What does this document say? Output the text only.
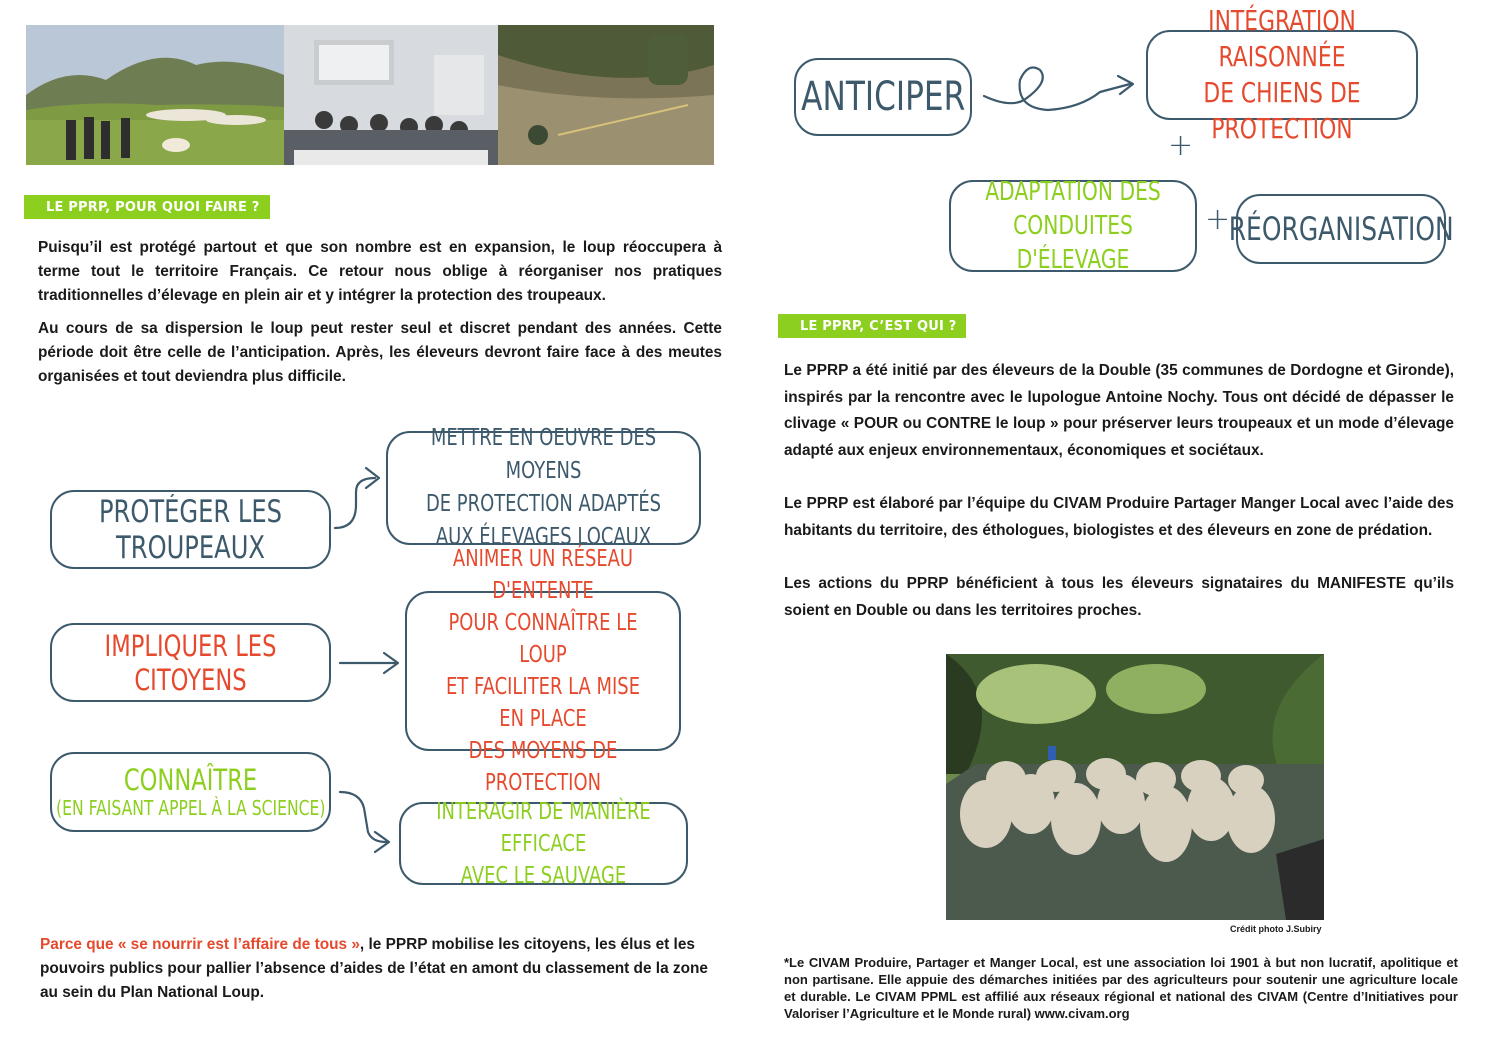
LE PPRP, POUR QUOI FAIRE ?

Puisqu’il est protégé partout et que son nombre est en expansion, le loup réoccupera à terme tout le territoire Français. Ce retour nous oblige à réorganiser nos pratiques traditionnelles d’élevage en plein air et y intégrer la protection des troupeaux.

Au cours de sa dispersion le loup peut rester seul et discret pendant des années. Cette période doit être celle de l’anticipation. Après, les éleveurs devront faire face à des meutes organisées et tout deviendra plus difficile.

PROTÉGER LES TROUPEAUX
METTRE EN OEUVRE DES MOYENS
DE PROTECTION ADAPTÉS
AUX ÉLEVAGES LOCAUX
IMPLIQUER LES CITOYENS
ANIMER UN RÉSEAU D'ENTENTE
POUR CONNAÎTRE LE LOUP
ET FACILITER LA MISE EN PLACE
DES MOYENS DE PROTECTION
CONNAÎTRE
(EN FAISANT APPEL À LA SCIENCE)	INTERAGIR DE MANIÈRE EFFICACE
AVEC LE SAUVAGE
Parce que « se nourrir est l’affaire de tous », le PPRP mobilise les citoyens, les élus et les pouvoirs publics pour pallier l’absence d’aides de l’état en amont du classement de la zone au sein du Plan National Loup.
ANTICIPER
INTÉGRATION RAISONNÉE
DE CHIENS DE PROTECTION
+
ADAPTATION DES
CONDUITES D'ÉLEVAGE
+
RÉORGANISATION
LE PPRP, C’EST QUI ?

Le PPRP a été initié par des éleveurs de la Double (35 communes de Dordogne et Gironde), inspirés par la rencontre avec le lupologue Antoine Nochy. Tous ont décidé de dépasser le clivage « POUR ou CONTRE le loup » pour préserver leurs troupeaux et un mode d’élevage adapté aux enjeux environnementaux, économiques et sociétaux.

Le PPRP est élaboré par l’équipe du CIVAM Produire Partager Manger Local avec l’aide des habitants du territoire, des éthologues, biologistes et des éleveurs en zone de prédation.

Les actions du PPRP bénéficient à tous les éleveurs signataires du MANIFESTE qu’ils soient en Double ou dans les territoires proches.

Crédit photo J.Subiry
*Le CIVAM Produire, Partager et Manger Local, est une association loi 1901 à but non lucratif, apolitique et non partisane. Elle appuie des démarches initiées par des agriculteurs pour soutenir une agriculture locale et durable. Le CIVAM PPML est affilié aux réseaux régional et national des CIVAM (Centre d’Initiatives pour Valoriser l’Agriculture et le Monde rural) www.civam.org
